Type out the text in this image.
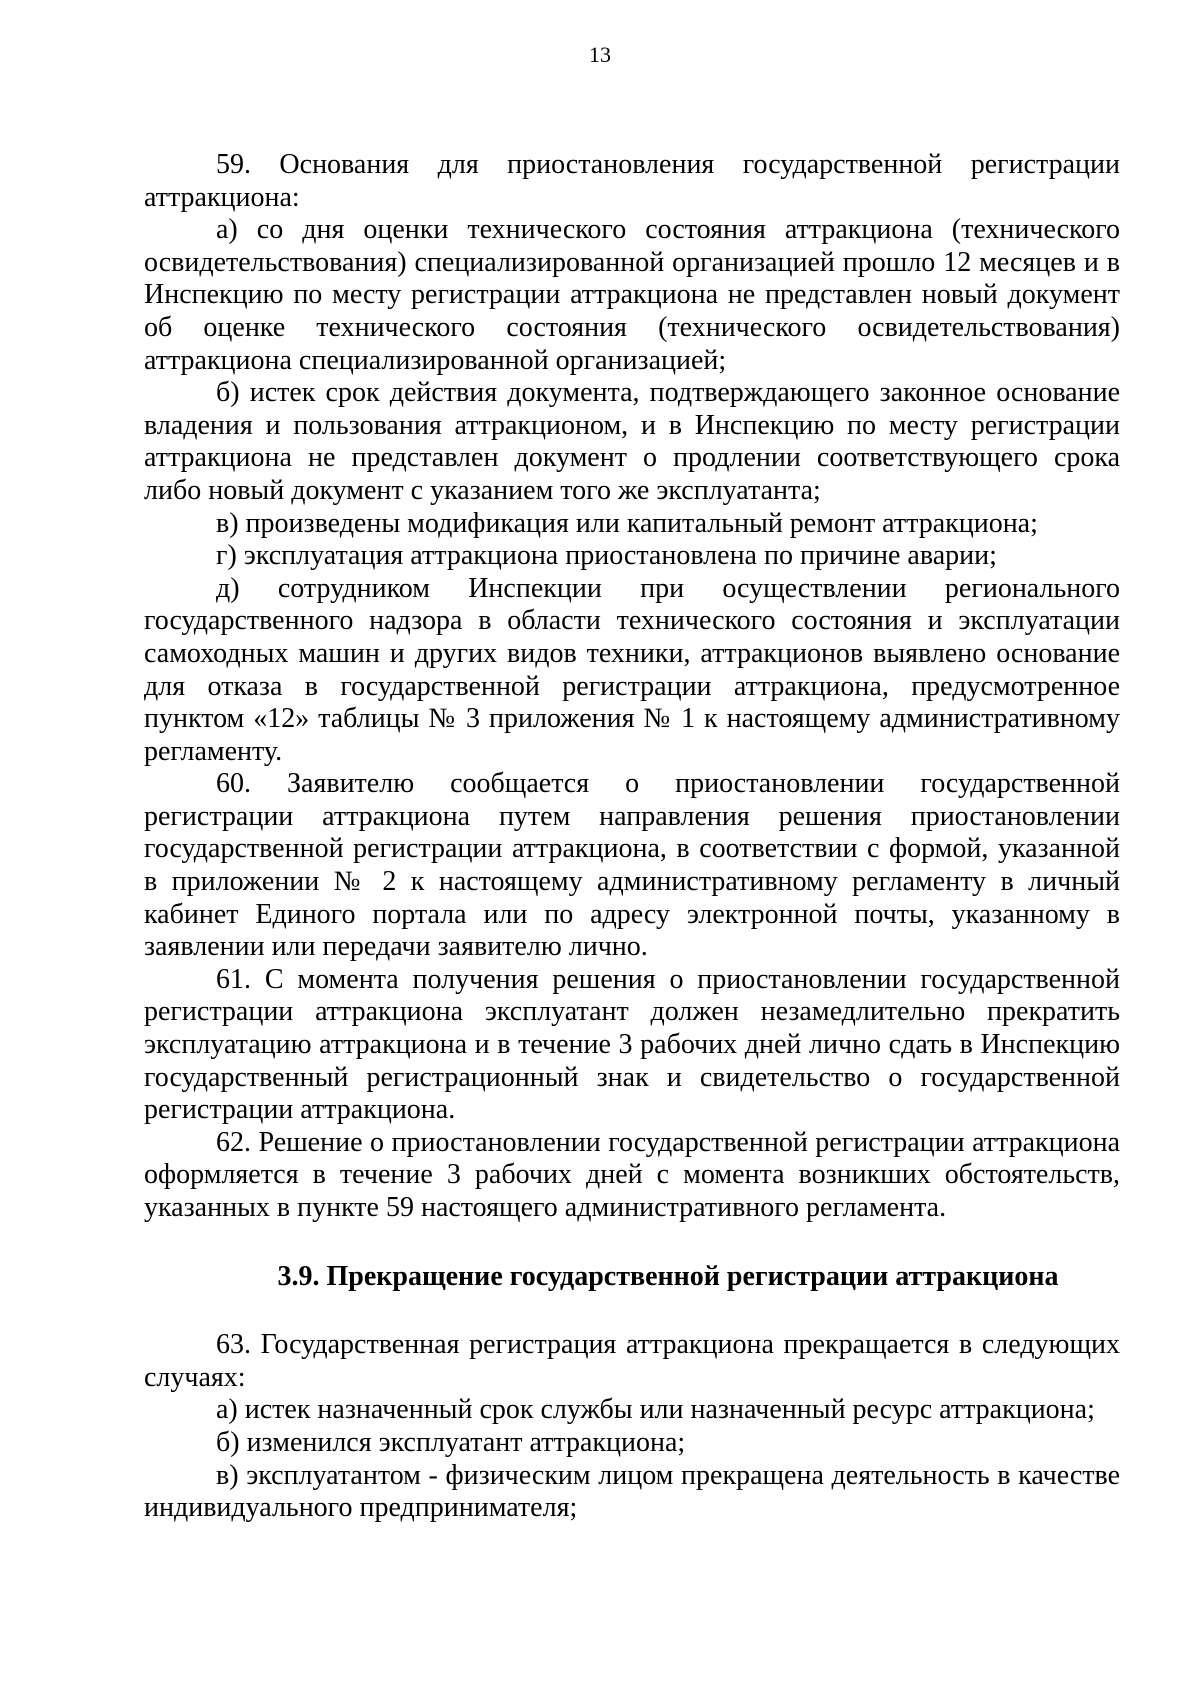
13

59. Основания для приостановления государственной регистрации аттракциона:

а) со дня оценки технического состояния аттракциона (технического освидетельствования) специализированной организацией прошло 12 месяцев и в Инспекцию по месту регистрации аттракциона не представлен новый документ об оценке технического состояния (технического освидетельствования) аттракциона специализированной организацией;

б) истек срок действия документа, подтверждающего законное основание владения и пользования аттракционом, и в Инспекцию по месту регистрации аттракциона не представлен документ о продлении соответствующего срока либо новый документ с указанием того же эксплуатанта;

в) произведены модификация или капитальный ремонт аттракциона;

г) эксплуатация аттракциона приостановлена по причине аварии;

д) сотрудником Инспекции при осуществлении регионального государственного надзора в области технического состояния и эксплуатации самоходных машин и других видов техники, аттракционов выявлено основание для отказа в государственной регистрации аттракциона, предусмотренное пунктом «12» таблицы № 3 приложения № 1 к настоящему административному регламенту.

60. Заявителю сообщается о приостановлении государственной регистрации аттракциона путем направления решения приостановлении государственной регистрации аттракциона, в соответствии с формой, указанной в приложении № 2 к настоящему административному регламенту в личный кабинет Единого портала или по адресу электронной почты, указанному в заявлении или передачи заявителю лично.

61. С момента получения решения о приостановлении государственной регистрации аттракциона эксплуатант должен незамедлительно прекратить эксплуатацию аттракциона и в течение 3 рабочих дней лично сдать в Инспекцию государственный регистрационный знак и свидетельство о государственной регистрации аттракциона.

62. Решение о приостановлении государственной регистрации аттракциона оформляется в течение 3 рабочих дней с момента возникших обстоятельств, указанных в пункте 59 настоящего административного регламента.

3.9. Прекращение государственной регистрации аттракциона

63. Государственная регистрация аттракциона прекращается в следующих случаях:

а) истек назначенный срок службы или назначенный ресурс аттракциона;

б) изменился эксплуатант аттракциона;

в) эксплуатантом - физическим лицом прекращена деятельность в качестве индивидуального предпринимателя;
